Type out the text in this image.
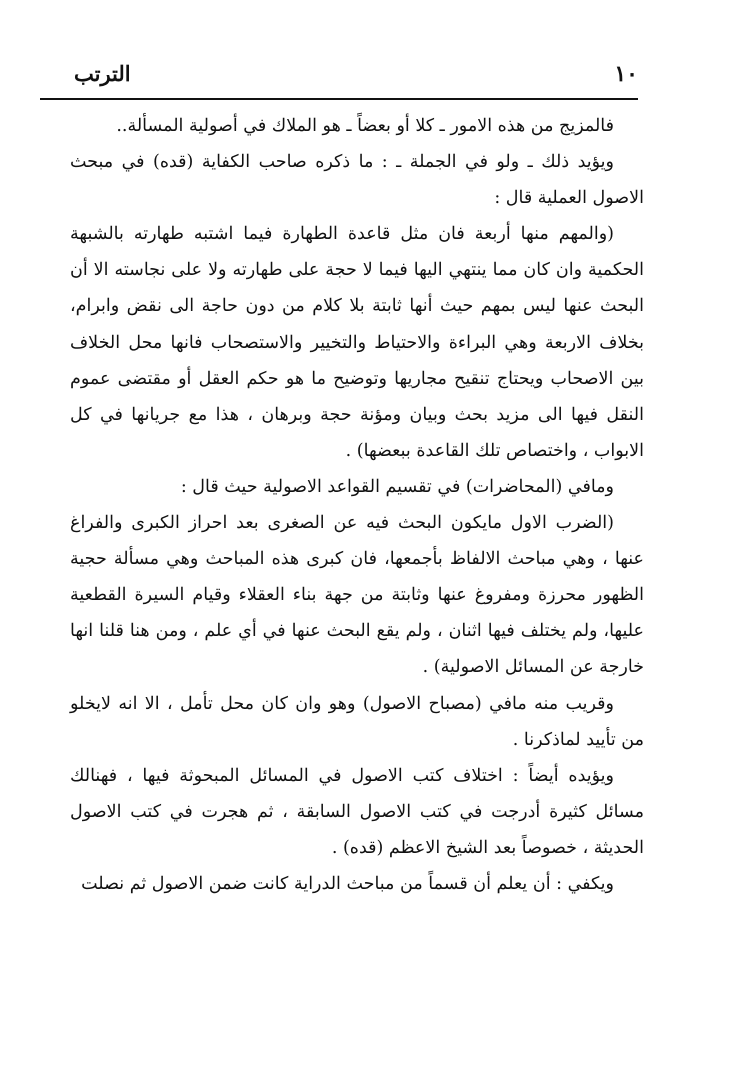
الترتب	١٠

فالمزيج من هذه الامور ـ كلا أو بعضاً ـ هو الملاك في أصولية المسألة..

ويؤيد ذلك ـ ولو في الجملة ـ : ما ذكره صاحب الكفاية (قده) في مبحث الاصول العملية قال :

(والمهم منها أربعة فان مثل قاعدة الطهارة فيما اشتبه طهارته بالشبهة الحكمية وان كان مما ينتهي اليها فيما لا حجة على طهارته ولا على نجاسته الا أن البحث عنها ليس بمهم حيث أنها ثابتة بلا كلام من دون حاجة الى نقض وابرام، بخلاف الاربعة وهي البراءة والاحتياط والتخيير والاستصحاب فانها محل الخلاف بين الاصحاب ويحتاج تنقيح مجاريها وتوضيح ما هو حكم العقل أو مقتضى عموم النقل فيها الى مزيد بحث وبيان ومؤنة حجة وبرهان ، هذا مع جريانها في كل الابواب ، واختصاص تلك القاعدة ببعضها) .

ومافي (المحاضرات) في تقسيم القواعد الاصولية حيث قال :

(الضرب الاول مايكون البحث فيه عن الصغرى بعد احراز الكبرى والفراغ عنها ، وهي مباحث الالفاظ بأجمعها، فان كبرى هذه المباحث وهي مسألة حجية الظهور محرزة ومفروغ عنها وثابتة من جهة بناء العقلاء وقيام السيرة القطعية عليها، ولم يختلف فيها اثنان ، ولم يقع البحث عنها في أي علم ، ومن هنا قلنا انها خارجة عن المسائل الاصولية) .

وقريب منه مافي (مصباح الاصول) وهو وان كان محل تأمل ، الا انه لايخلو من تأييد لماذكرنا .

ويؤيده أيضاً : اختلاف كتب الاصول في المسائل المبحوثة فيها ، فهنالك مسائل كثيرة أدرجت في كتب الاصول السابقة ، ثم هجرت في كتب الاصول الحديثة ، خصوصاً بعد الشيخ الاعظم (قده) .

ويكفي : أن يعلم أن قسماً من مباحث الدراية كانت ضمن الاصول ثم نصلت
